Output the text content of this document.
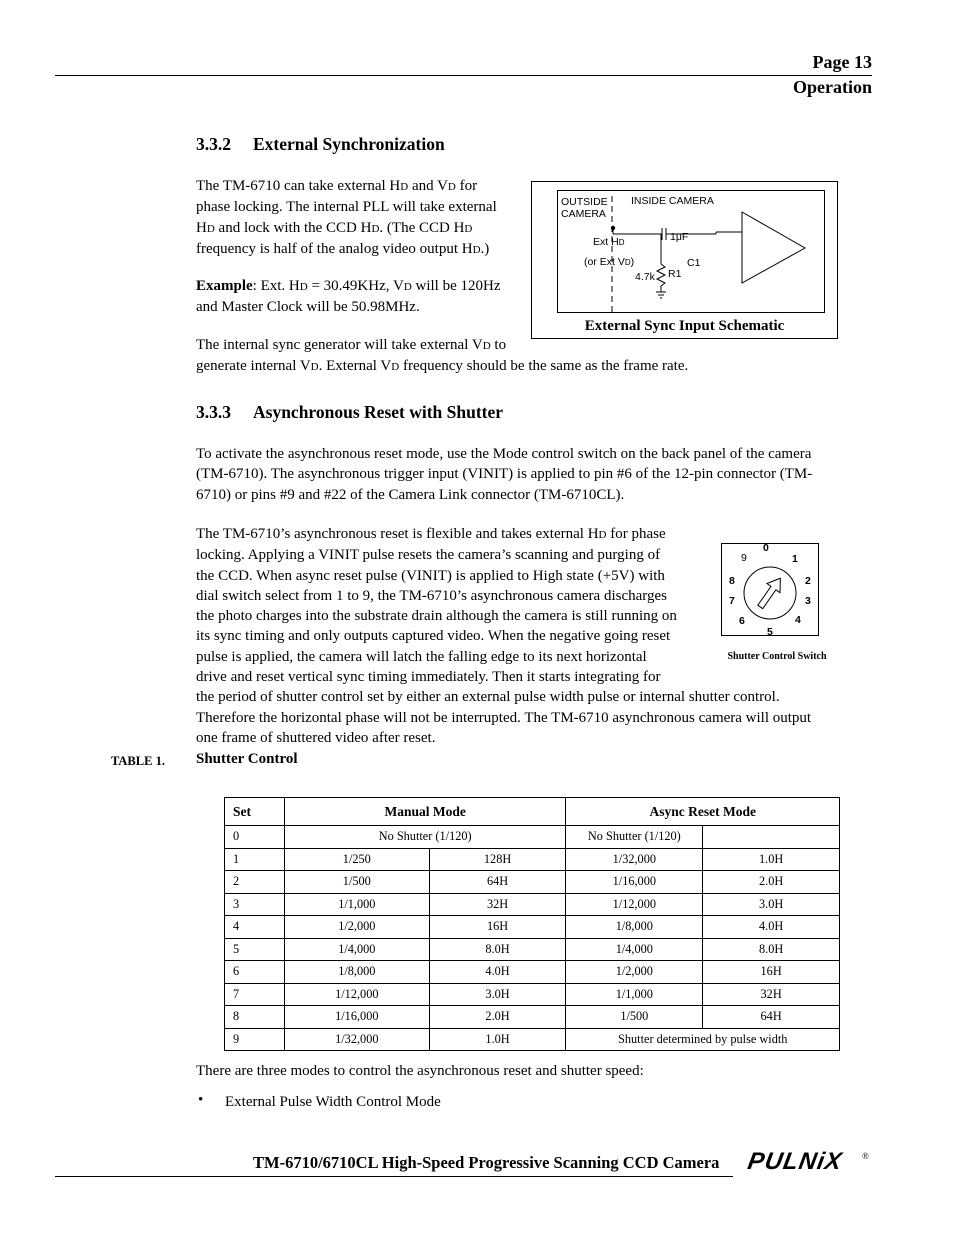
Page 13
Operation
3.3.2 External Synchronization
The TM-6710 can take external HD and VD for
phase locking. The internal PLL will take external
HD and lock with the CCD HD. (The CCD HD
frequency is half of the analog video output HD.)
Example: Ext. HD = 30.49KHz, VD will be 120Hz
and Master Clock will be 50.98MHz.
The internal sync generator will take external VD to
generate internal VD. External VD frequency should be the same as the frame rate.
OUTSIDE
CAMERA
INSIDE CAMERA
Ext HD
(or Ext VD)
1μF
C1
4.7k R1
External Sync Input Schematic
3.3.3 Asynchronous Reset with Shutter
To activate the asynchronous reset mode, use the Mode control switch on the back panel of the camera
(TM-6710). The asynchronous trigger input (VINIT) is applied to pin #6 of the 12-pin connector (TM-
6710) or pins #9 and #22 of the Camera Link connector (TM-6710CL).
The TM-6710’s asynchronous reset is flexible and takes external HD for phase
locking. Applying a VINIT pulse resets the camera’s scanning and purging of
the CCD. When async reset pulse (VINIT) is applied to High state (+5V) with
dial switch select from 1 to 9, the TM-6710’s asynchronous camera discharges
the photo charges into the substrate drain although the camera is still running on
its sync timing and only outputs captured video. When the negative going reset
pulse is applied, the camera will latch the falling edge to its next horizontal
drive and reset vertical sync timing immediately. Then it starts integrating for
the period of shutter control set by either an external pulse width pulse or internal shutter control.
Therefore the horizontal phase will not be interrupted. The TM-6710 asynchronous camera will output
one frame of shuttered video after reset.
0
1
2
3
4
5
6
7
8
9
Shutter Control Switch
TABLE 1. Shutter Control
Set	Manual Mode		Async Reset Mode	
0	No Shutter (1/120)		No Shutter (1/120)	
1	1/250	128H	1/32,000	1.0H
2	1/500	64H	1/16,000	2.0H
3	1/1,000	32H	1/12,000	3.0H
4	1/2,000	16H	1/8,000	4.0H
5	1/4,000	8.0H	1/4,000	8.0H
6	1/8,000	4.0H	1/2,000	16H
7	1/12,000	3.0H	1/1,000	32H
8	1/16,000	2.0H	1/500	64H
9	1/32,000	1.0H	Shutter determined by pulse width	
There are three modes to control the asynchronous reset and shutter speed:
• External Pulse Width Control Mode
TM-6710/6710CL High-Speed Progressive Scanning CCD Camera PULNiX ®
